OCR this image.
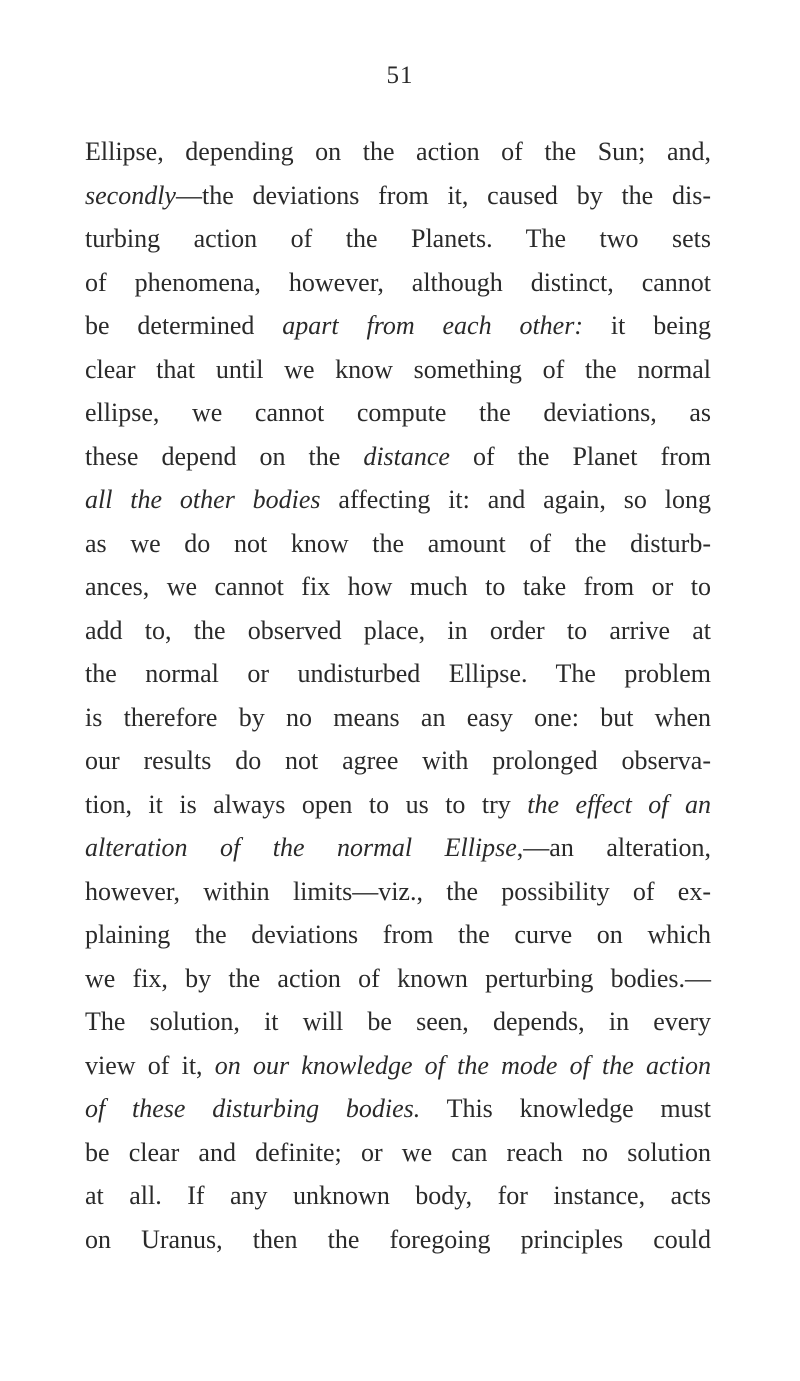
51
Ellipse, depending on the action of the Sun; and,
secondly—the deviations from it, caused by the dis-
turbing action of the Planets. The two sets
of phenomena, however, although distinct, cannot
be determined apart from each other: it being
clear that until we know something of the normal
ellipse, we cannot compute the deviations, as
these depend on the distance of the Planet from
all the other bodies affecting it: and again, so long
as we do not know the amount of the disturb-
ances, we cannot fix how much to take from or to
add to, the observed place, in order to arrive at
the normal or undisturbed Ellipse. The problem
is therefore by no means an easy one: but when
our results do not agree with prolonged observa-
tion, it is always open to us to try the effect of an
alteration of the normal Ellipse,—an alteration,
however, within limits—viz., the possibility of ex-
plaining the deviations from the curve on which
we fix, by the action of known perturbing bodies.—
The solution, it will be seen, depends, in every
view of it, on our knowledge of the mode of the action
of these disturbing bodies. This knowledge must
be clear and definite; or we can reach no solution
at all. If any unknown body, for instance, acts
on Uranus, then the foregoing principles could
